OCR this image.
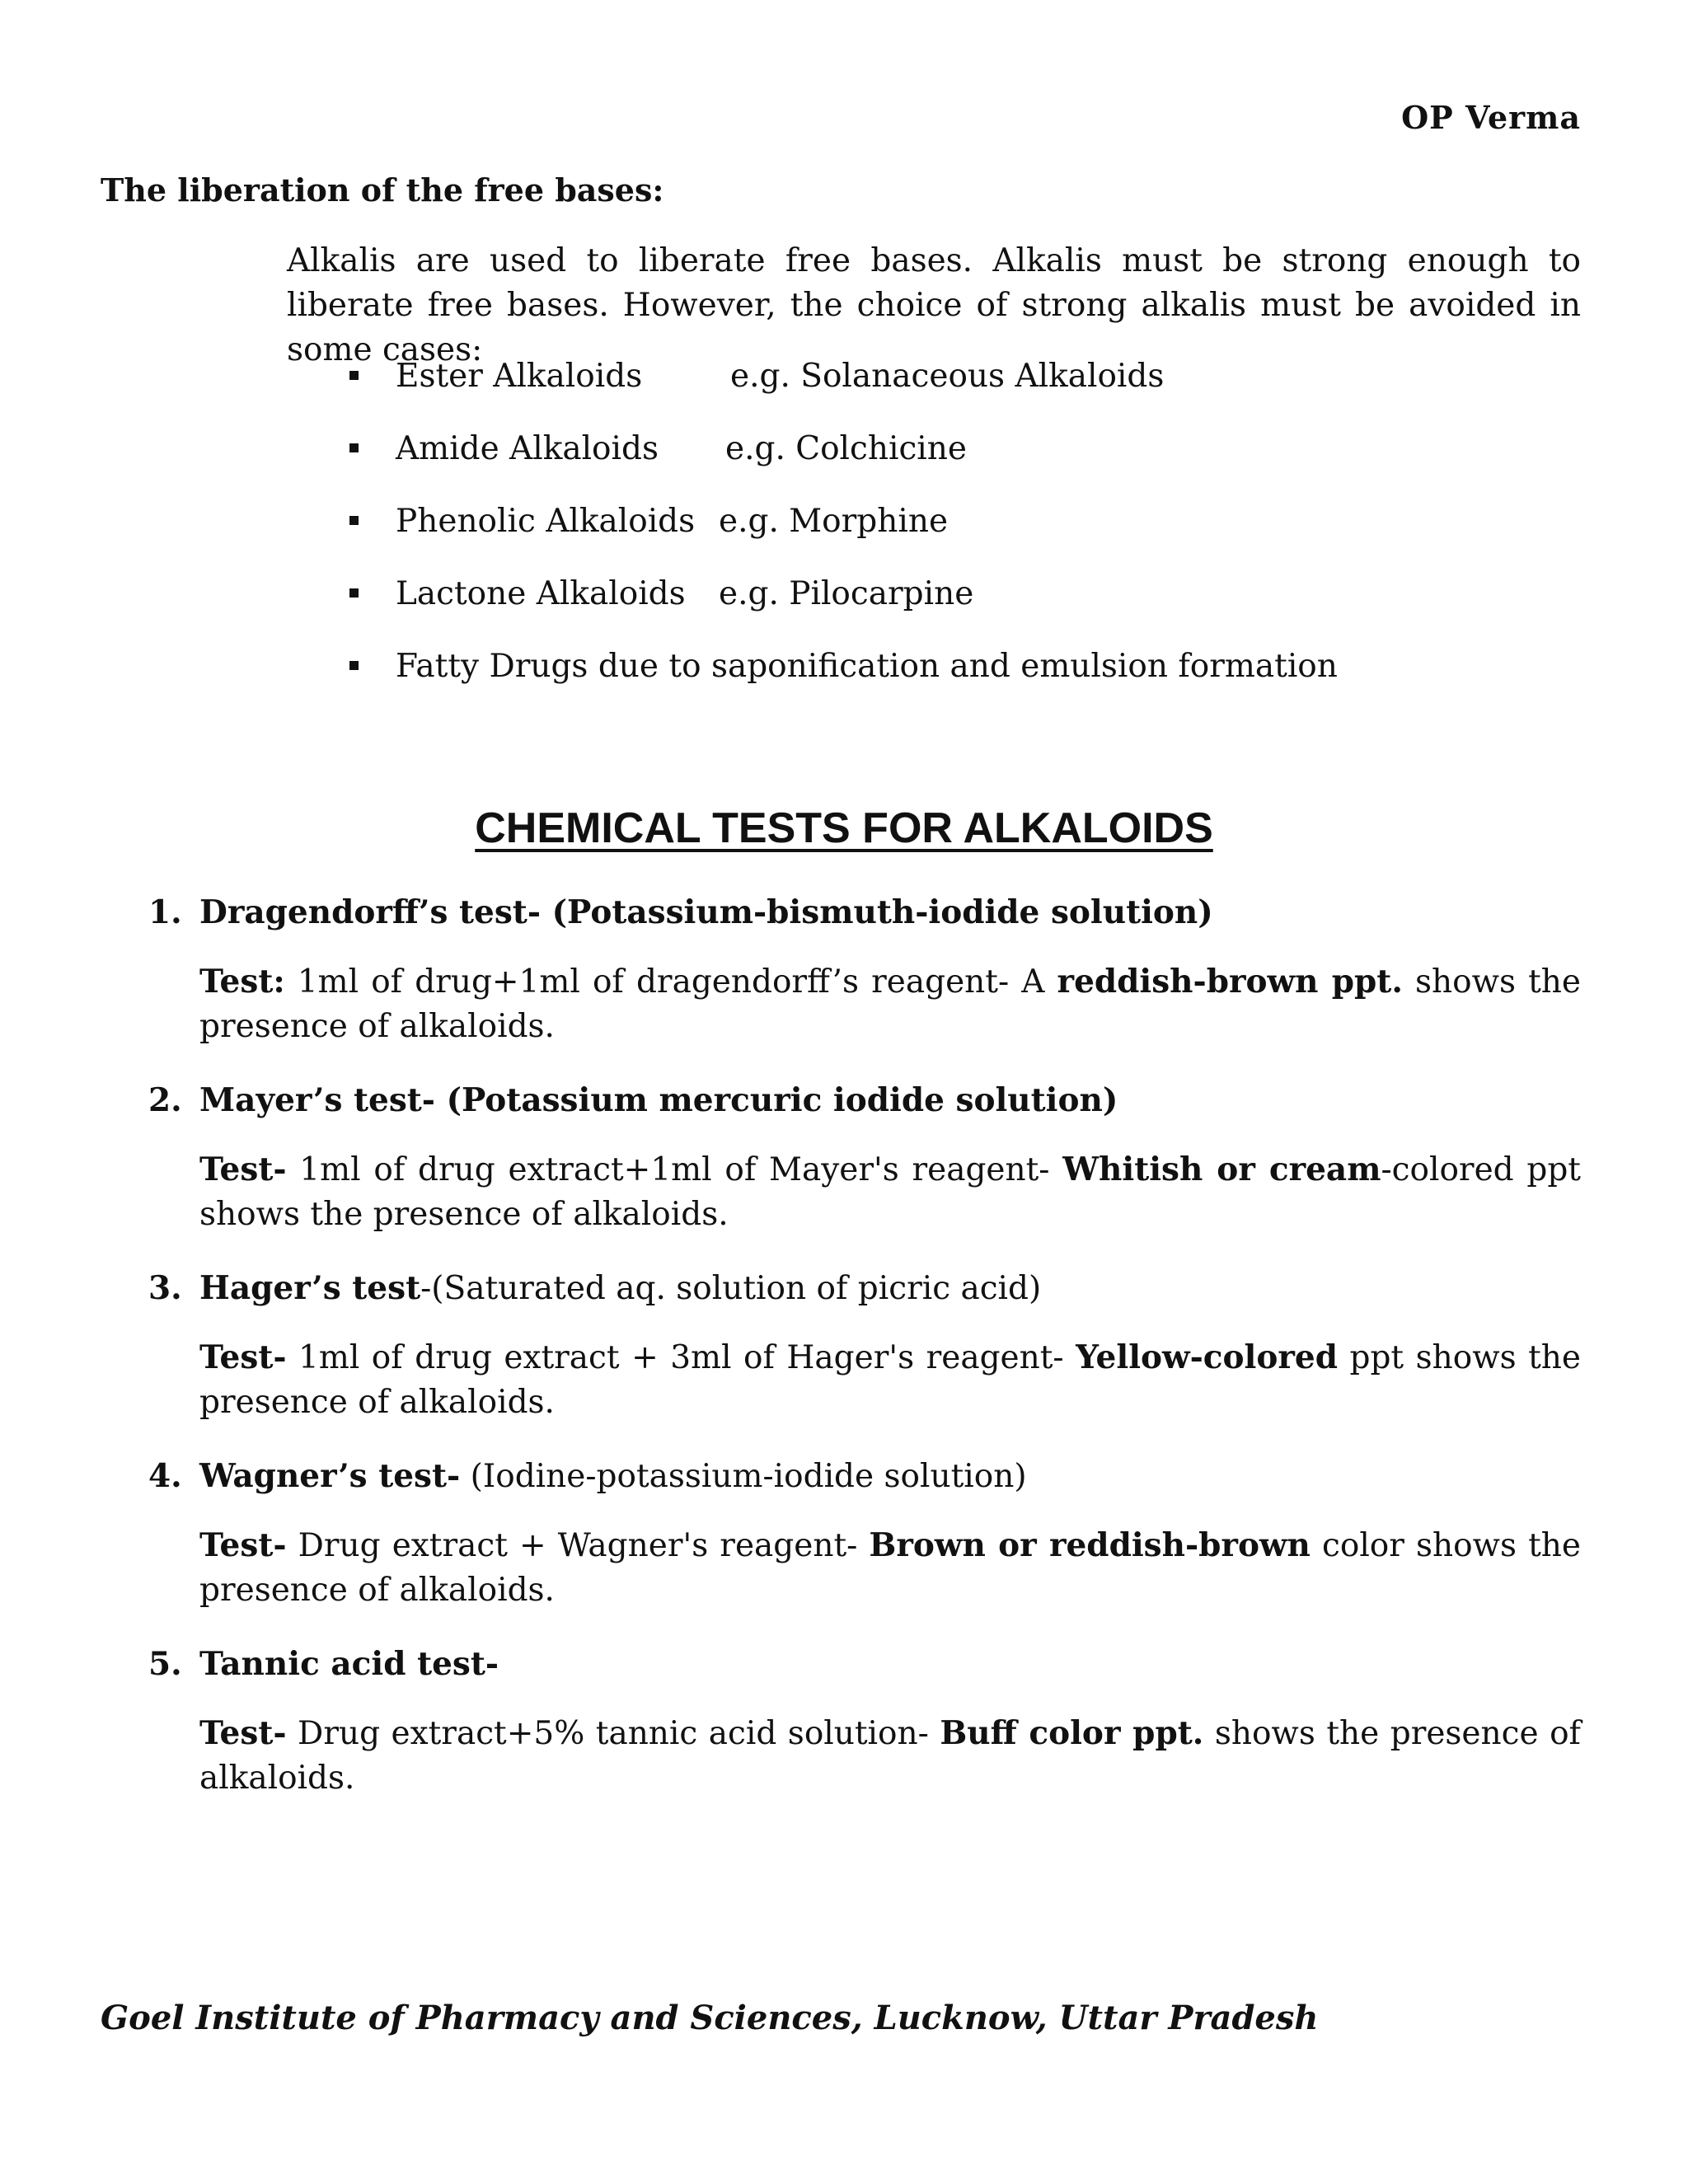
OP Verma
The liberation of the free bases:
Alkalis are used to liberate free bases. Alkalis must be strong enough to liberate free bases. However, the choice of strong alkalis must be avoided in some cases:
Ester Alkaloids	e.g. Solanaceous Alkaloids
Amide Alkaloids e.g. Colchicine
Phenolic Alkaloids e.g. Morphine
Lactone Alkaloids e.g. Pilocarpine
Fatty Drugs due to saponification and emulsion formation
CHEMICAL TESTS FOR ALKALOIDS
1. Dragendorff’s test- (Potassium-bismuth-iodide solution)
Test: 1ml of drug+1ml of dragendorff’s reagent- A reddish-brown ppt. shows the presence of alkaloids.
2. Mayer’s test- (Potassium mercuric iodide solution)
Test- 1ml of drug extract+1ml of Mayer's reagent- Whitish or cream-colored ppt shows the presence of alkaloids.
3. Hager’s test-(Saturated aq. solution of picric acid)
Test- 1ml of drug extract + 3ml of Hager's reagent- Yellow-colored ppt shows the presence of alkaloids.
4. Wagner’s test- (Iodine-potassium-iodide solution)
Test- Drug extract + Wagner's reagent- Brown or reddish-brown color shows the presence of alkaloids.
5. Tannic acid test-
Test- Drug extract+5% tannic acid solution- Buff color ppt. shows the presence of alkaloids.
Goel Institute of Pharmacy and Sciences, Lucknow, Uttar Pradesh
